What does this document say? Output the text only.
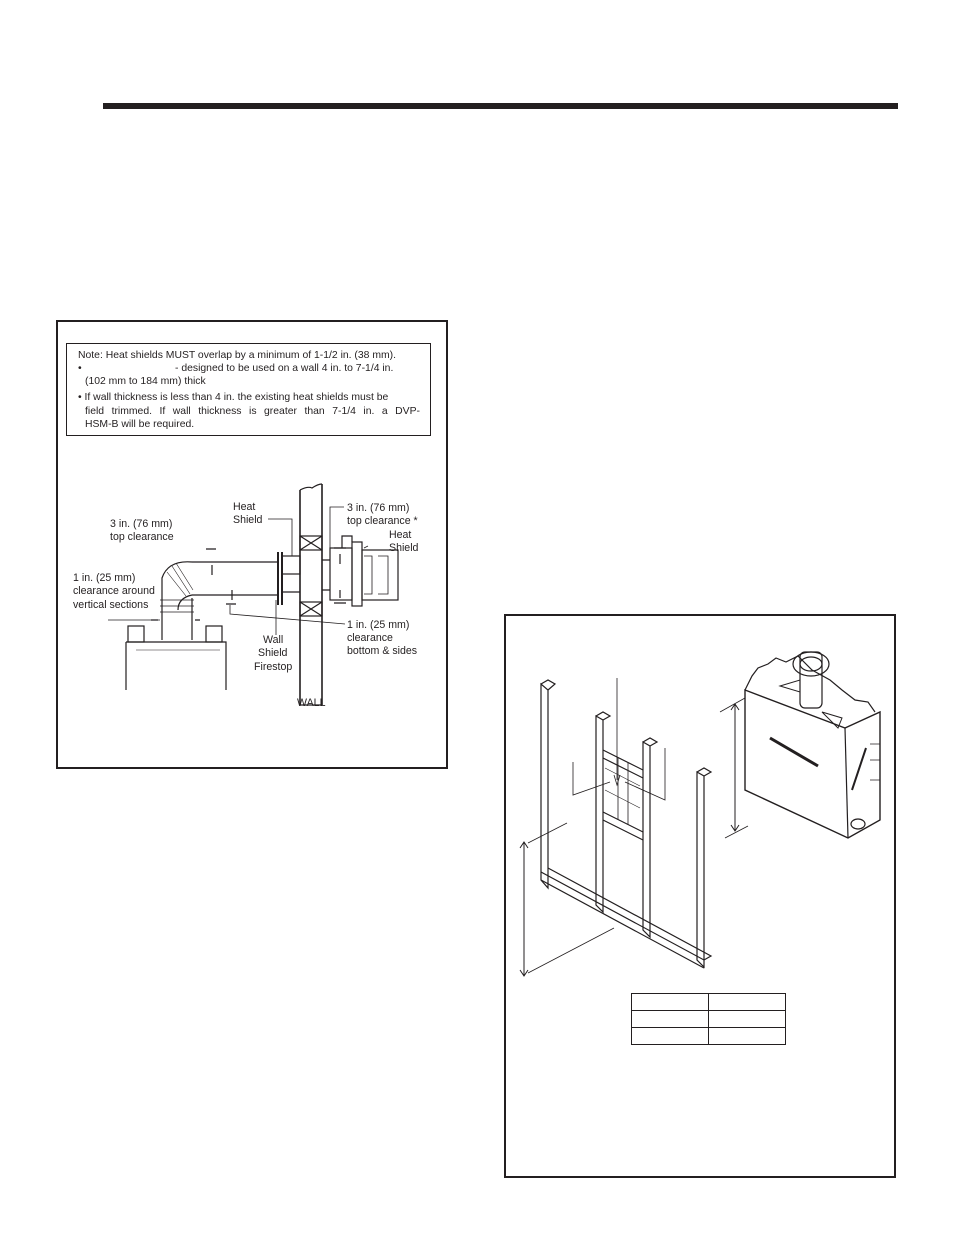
Note: Heat shields MUST overlap by a minimum of 1-1/2 in. (38 mm).
•	- designed to be used on a wall 4 in. to 7-1/4 in.
(102 mm to 184 mm) thick
• If wall thickness is less than 4 in. the existing heat shields must be
field trimmed. If wall thickness is greater than 7-1/4 in. a DVP-
HSM-B will be required.
Heat
Shield
3 in. (76 mm)
top clearance
3 in. (76 mm)
top clearance *
Heat
Shield
1 in. (25 mm)
clearance around
vertical sections
1 in. (25 mm)
clearance
bottom & sides
Wall
Shield
Firestop
WALL
